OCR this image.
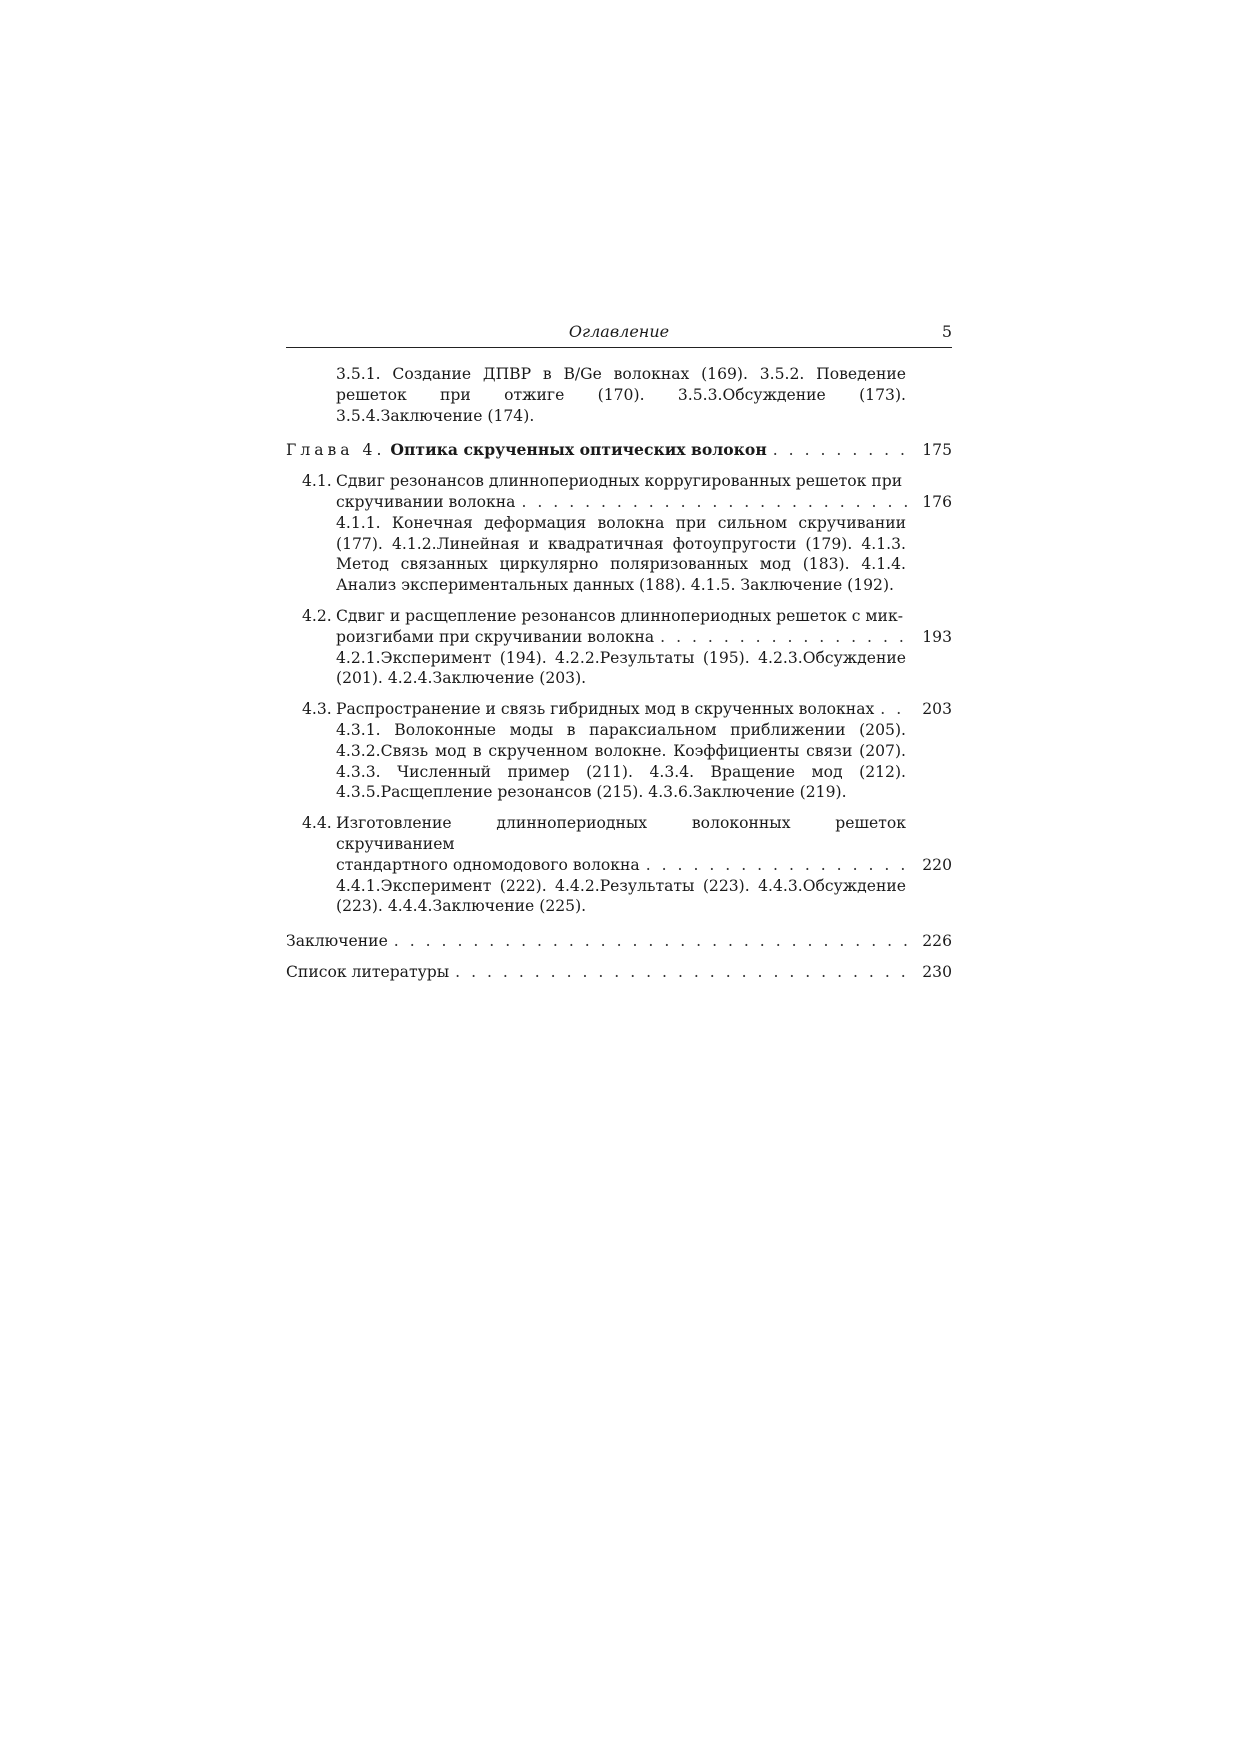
Оглавление	5
3.5.1. Создание ДПВР в B/Ge волокнах (169). 3.5.2. Поведение решеток при отжиге (170). 3.5.3.Обсуждение (173). 3.5.4.Заключение (174).
Глава 4. Оптика скрученных оптических волокон . . .	175
4.1. Сдвиг резонансов длиннопериодных корругированных решеток при
скручивании волокна . . .	176
4.1.1. Конечная деформация волокна при сильном скручивании (177). 4.1.2.Линейная и квадратичная фотоупругости (179). 4.1.3. Метод связанных циркулярно поляризованных мод (183). 4.1.4. Анализ экспериментальных данных (188). 4.1.5. Заключение (192).
4.2. Сдвиг и расщепление резонансов длиннопериодных решеток с мик-
роизгибами при скручивании волокна . . .	193
4.2.1.Эксперимент (194). 4.2.2.Результаты (195). 4.2.3.Обсуждение (201). 4.2.4.Заключение (203).
4.3. Распространение и связь гибридных мод в скрученных волокнах . . .	203
4.3.1. Волоконные моды в параксиальном приближении (205). 4.3.2.Связь мод в скрученном волокне. Коэффициенты связи (207). 4.3.3. Численный пример (211). 4.3.4. Вращение мод (212). 4.3.5.Расщепление резонансов (215). 4.3.6.Заключение (219).
4.4. Изготовление длиннопериодных волоконных решеток скручиванием
стандартного одномодового волокна . . .	220
4.4.1.Эксперимент (222). 4.4.2.Результаты (223). 4.4.3.Обсуждение (223). 4.4.4.Заключение (225).
Заключение . . .	226
Список литературы . . .	230
